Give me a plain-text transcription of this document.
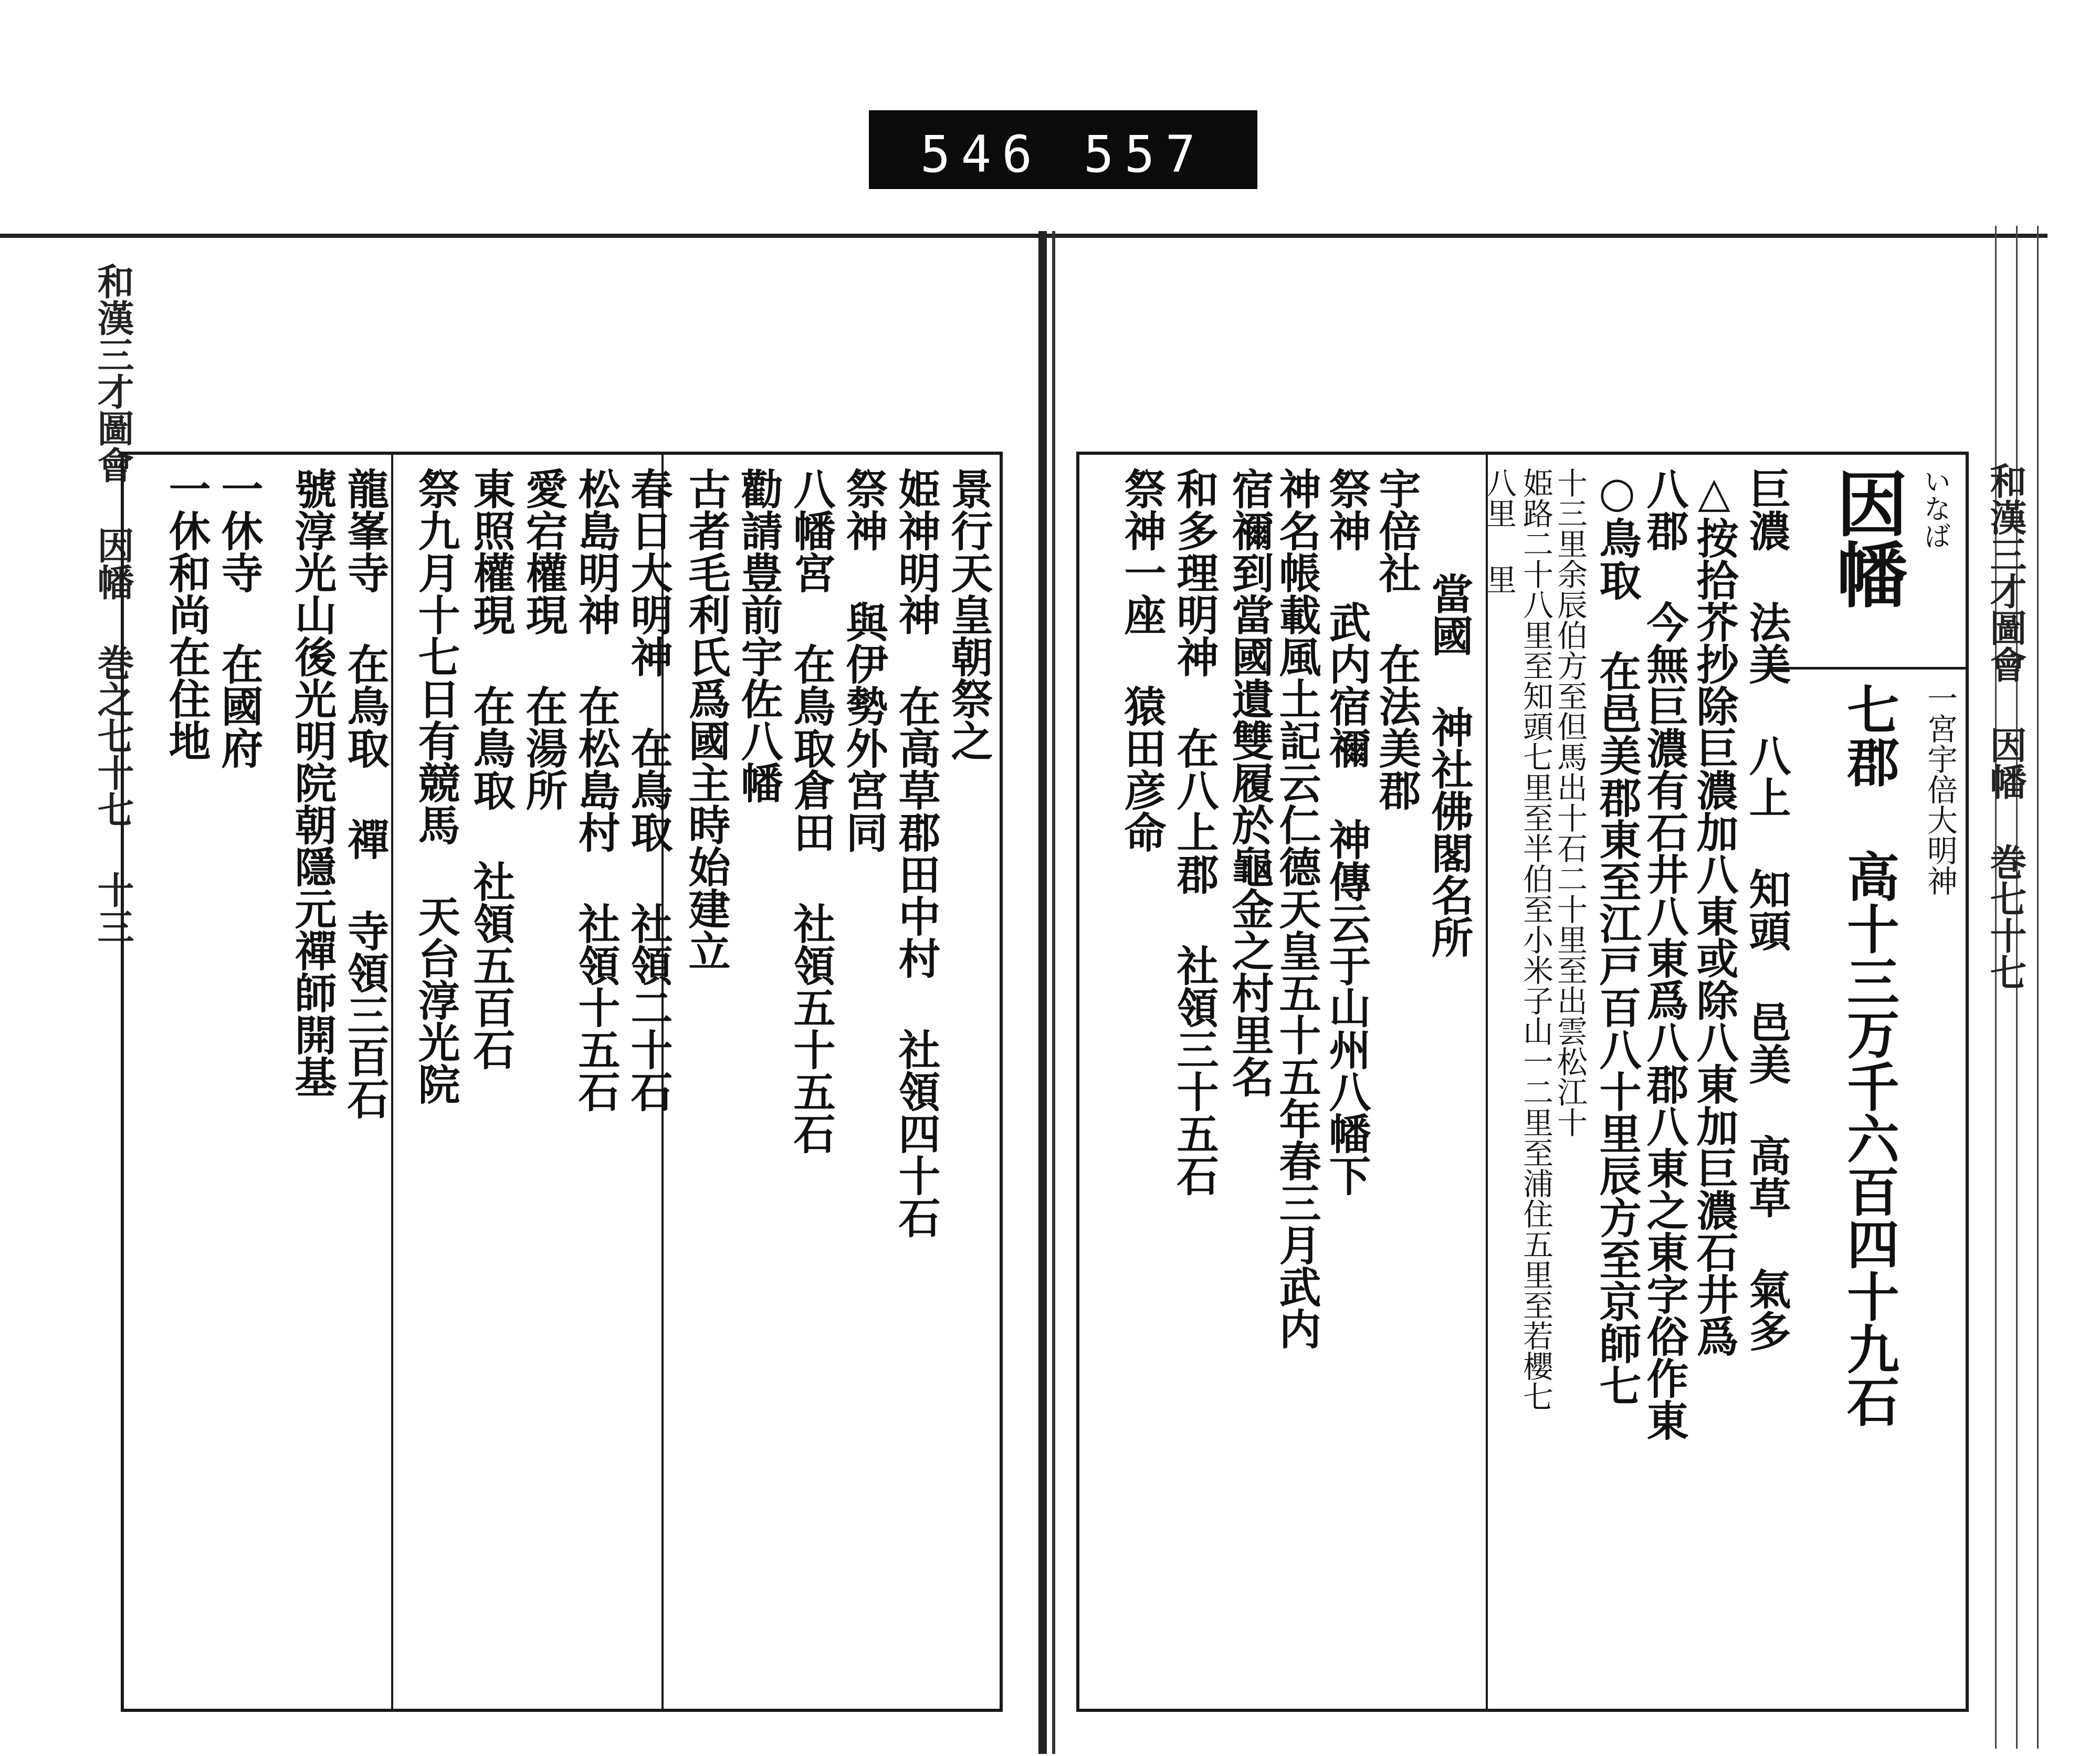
546 557
和漢三才圖會 因幡 巻之七十七 十三	景行天皇朝祭之
姫神明神 在高草郡田中村 社領四十石
祭神 與伊勢外宮同
八幡宮 在鳥取倉田 社領五十五石
勸請豊前宇佐八幡
古者毛利氏爲國主時始建立
春日大明神 在鳥取 社領二十石
松島明神 在松島村 社領十五石
愛宕權現 在湯所
東照權現 在鳥取 社領五百石
祭九月十七日有競馬 天台淳光院
龍峯寺 在鳥取 禪 寺領三百石
號淳光山後光明院朝隱元禪師開基
一休寺 在國府
一休和尚在住地	いなば
因幡
一宮宇倍大明神
七郡 高十三万千六百四十九石
巨濃 法美 八上 知頭 邑美 高草 氣多
△按拾芥抄除巨濃加八東或除八東加巨濃石井爲
八郡 今無巨濃有石井八東爲八郡八東之東字俗作東
○鳥取 在邑美郡東至江戸百八十里辰方至京師七
十三里余辰伯方至但馬出十石二十里至出雲松江十
姫路二十八里至知頭七里至半伯至小米子山一二里至浦住五里至若櫻七
八里 里
當國 神社佛閣名所
宇倍社 在法美郡
祭神 武内宿禰 神傳云于山州八幡下
神名帳載風土記云仁德天皇五十五年春三月武内
宿禰到當國遺雙履於龜金之村里名
和多理明神 在八上郡 社領三十五石
祭神一座 猿田彦命	和漢三才圖會 因幡 巻七十七
